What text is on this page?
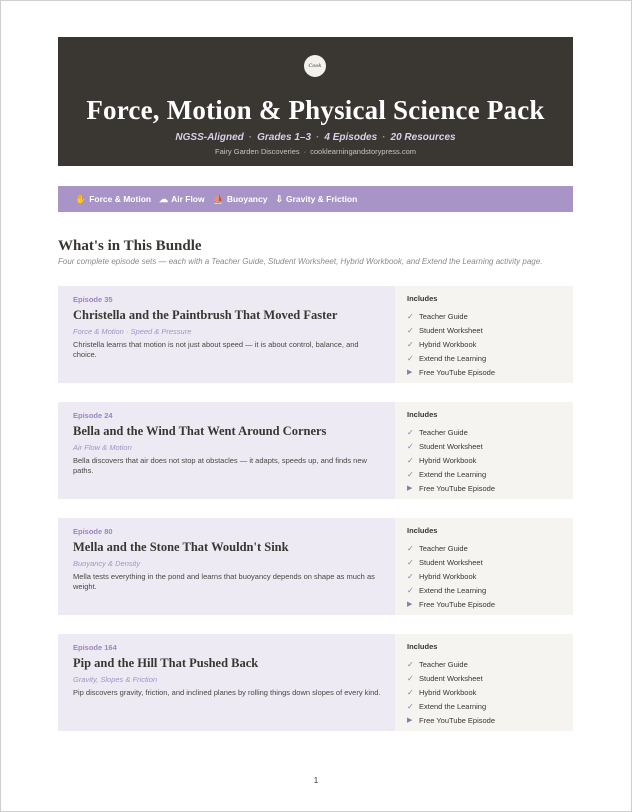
Cook
Force, Motion & Physical Science Pack
NGSS-Aligned · Grades 1–3 · 4 Episodes · 20 Resources
Fairy Garden Discoveries · cooklearningandstorypress.com
✋ Force & Motion ☁ Air Flow ⛵ Buoyancy ⇩ Gravity & Friction
What's in This Bundle
Four complete episode sets — each with a Teacher Guide, Student Worksheet, Hybrid Workbook, and Extend the Learning activity page.
Episode 35
Christella and the Paintbrush That Moved Faster
Force & Motion · Speed & Pressure
Christella learns that motion is not just about speed — it is about control, balance, and choice.
Includes
✓ Teacher Guide
✓ Student Worksheet
✓ Hybrid Workbook
✓ Extend the Learning
▶ Free YouTube Episode
Episode 24
Bella and the Wind That Went Around Corners
Air Flow & Motion
Bella discovers that air does not stop at obstacles — it adapts, speeds up, and finds new paths.
Includes
✓ Teacher Guide
✓ Student Worksheet
✓ Hybrid Workbook
✓ Extend the Learning
▶ Free YouTube Episode
Episode 80
Mella and the Stone That Wouldn't Sink
Buoyancy & Density
Mella tests everything in the pond and learns that buoyancy depends on shape as much as weight.
Includes
✓ Teacher Guide
✓ Student Worksheet
✓ Hybrid Workbook
✓ Extend the Learning
▶ Free YouTube Episode
Episode 164
Pip and the Hill That Pushed Back
Gravity, Slopes & Friction
Pip discovers gravity, friction, and inclined planes by rolling things down slopes of every kind.
Includes
✓ Teacher Guide
✓ Student Worksheet
✓ Hybrid Workbook
✓ Extend the Learning
▶ Free YouTube Episode
1
